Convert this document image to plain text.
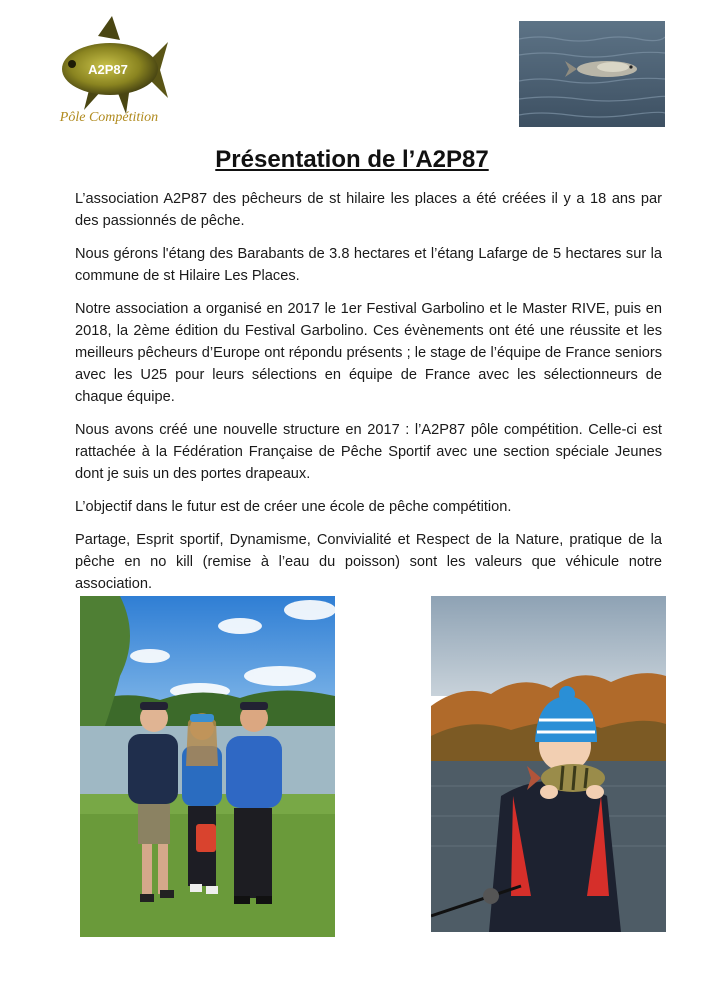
A2P87
Pôle Compétition
Présentation de l’A2P87

L’association A2P87 des pêcheurs de st hilaire les places a été créées il y a 18 ans par des passionnés de pêche.

Nous gérons l'étang des Barabants de 3.8 hectares et l’étang Lafarge de 5 hectares sur la commune de st Hilaire Les Places.

Notre association a organisé en 2017 le 1er Festival Garbolino et le Master RIVE, puis en 2018, la 2ème édition du Festival Garbolino. Ces évènements ont été une réussite et les meilleurs pêcheurs d’Europe ont répondu présents ; le stage de l’équipe de France seniors avec les U25 pour leurs sélections en équipe de France avec les sélectionneurs de chaque équipe.

Nous avons créé une nouvelle structure en 2017 : l’A2P87 pôle compétition. Celle-ci est rattachée à la Fédération Française de Pêche Sportif avec une section spéciale Jeunes dont je suis un des portes drapeaux.

L’objectif dans le futur est de créer une école de pêche compétition.

Partage, Esprit sportif, Dynamisme, Convivialité et Respect de la Nature, pratique de la pêche en no kill (remise à l’eau du poisson) sont les valeurs que véhicule notre association.
